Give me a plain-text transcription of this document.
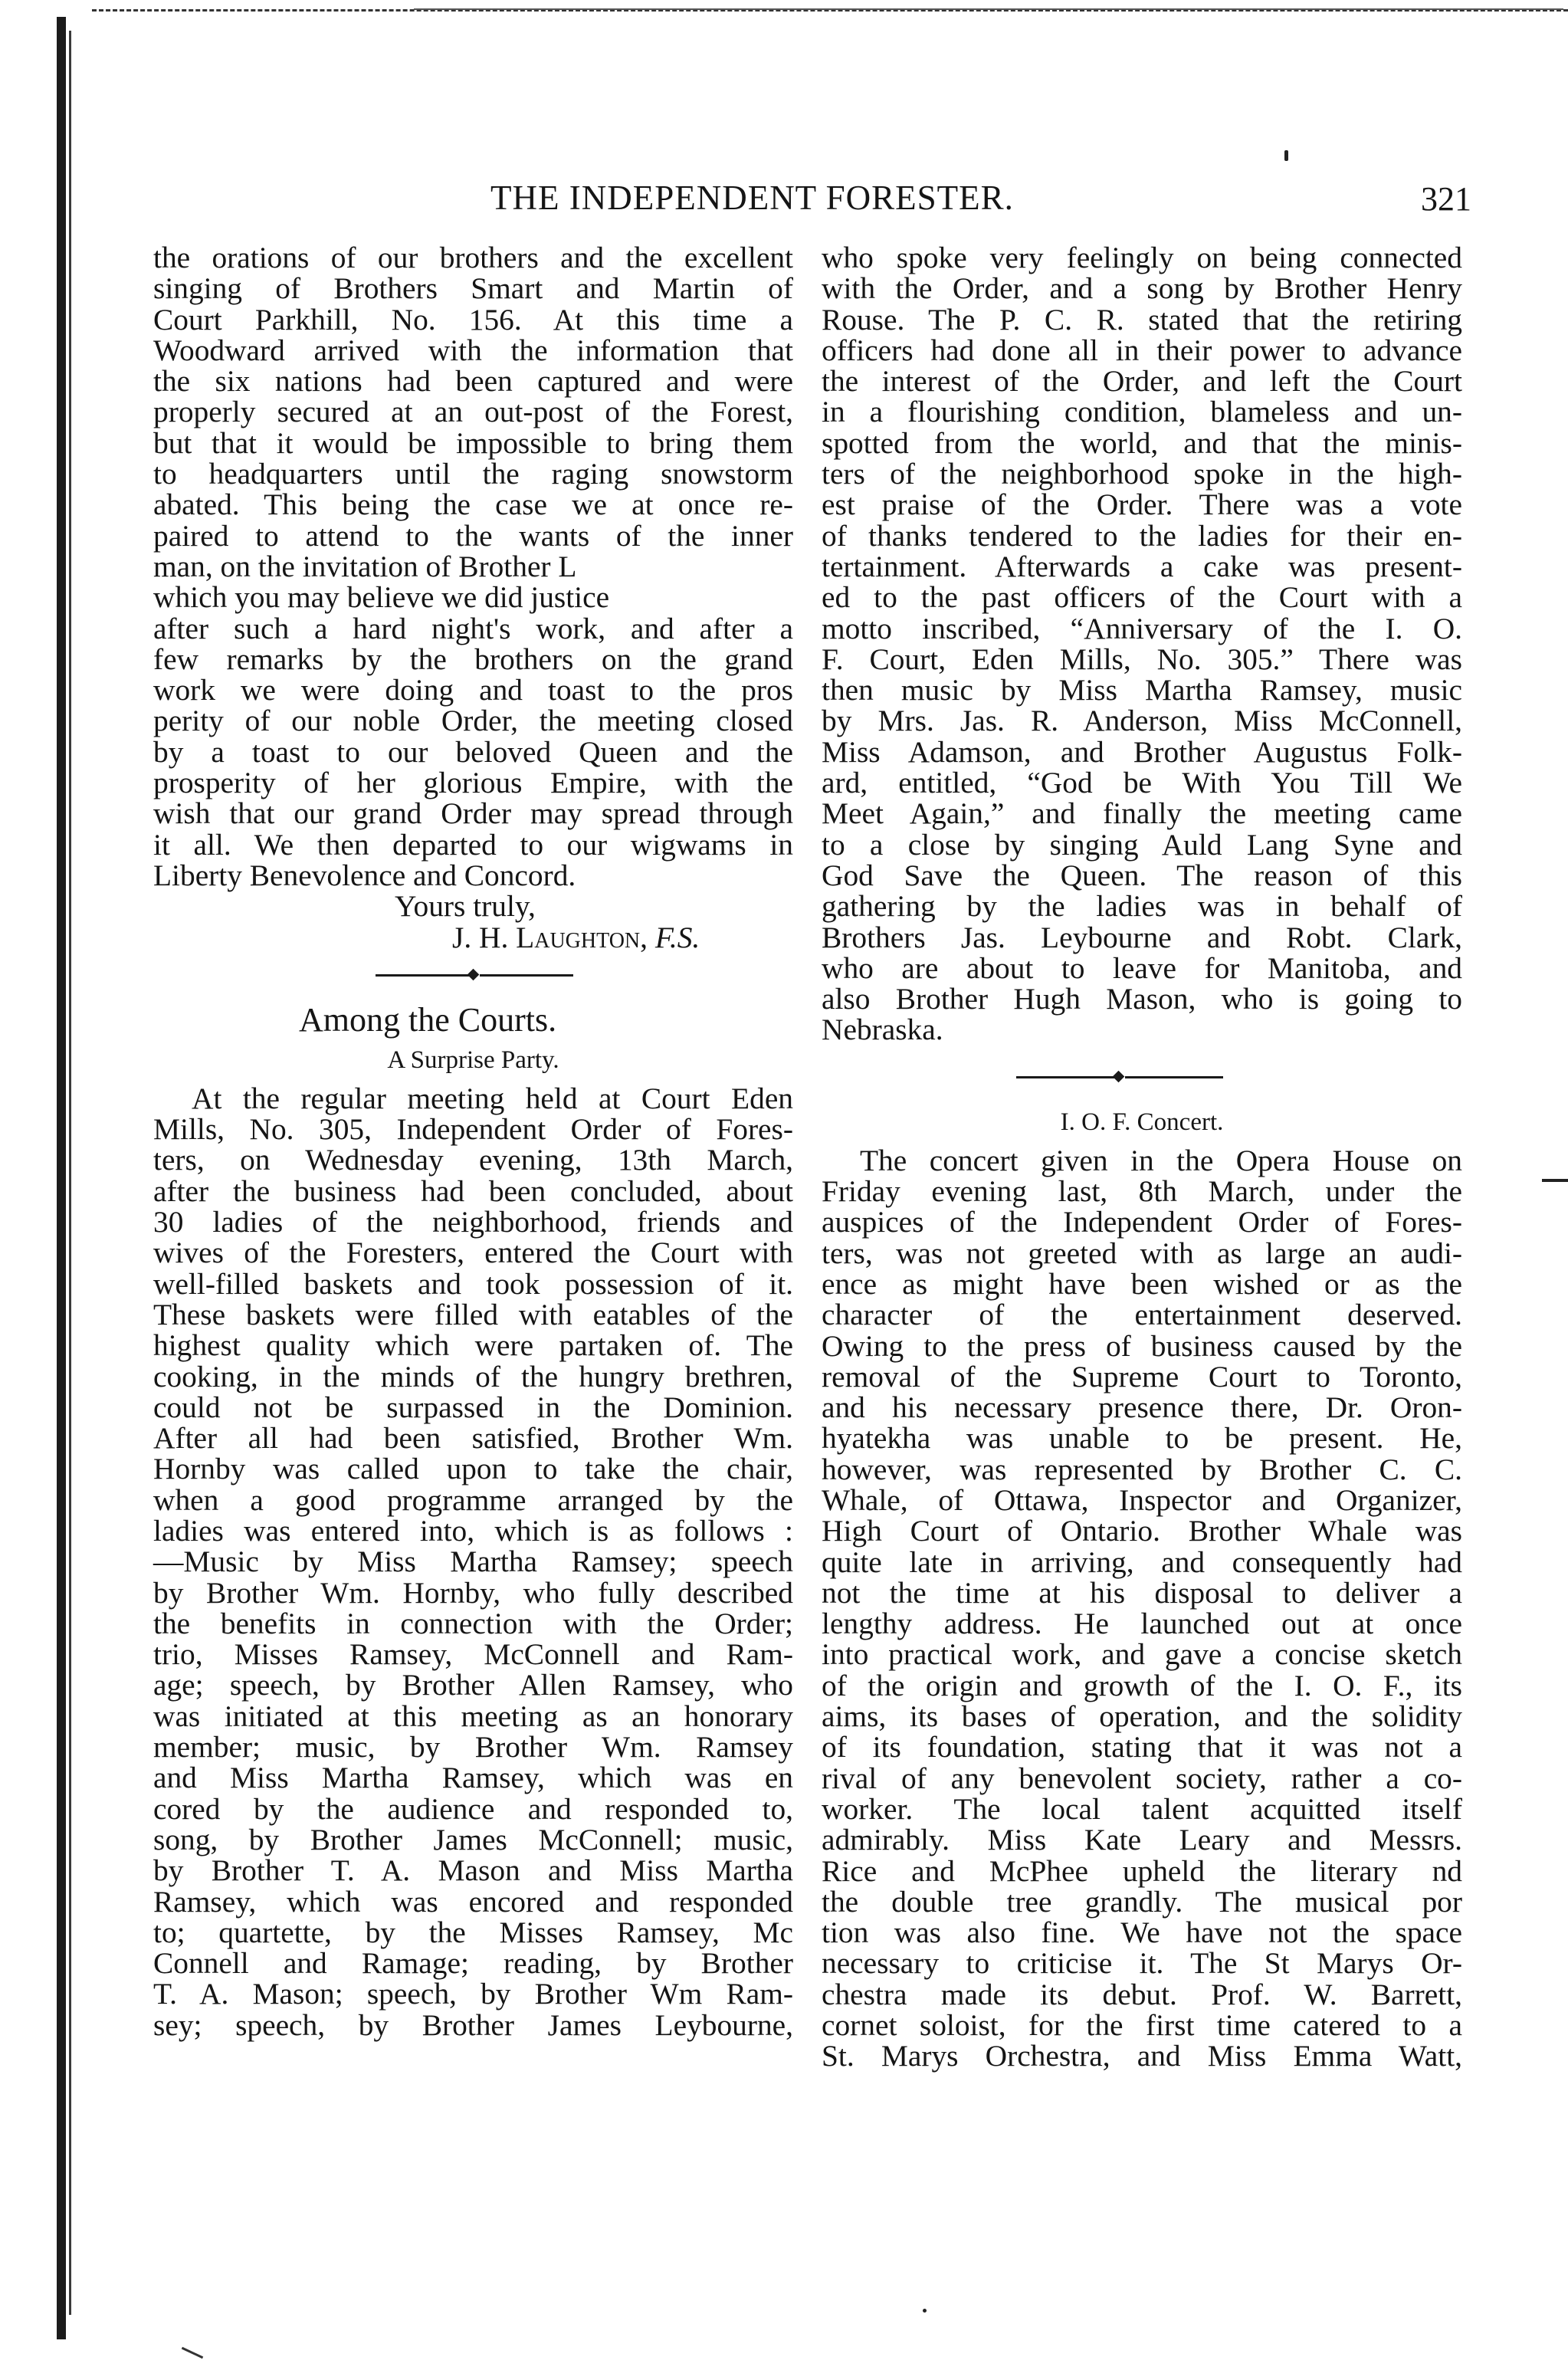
THE INDEPENDENT FORESTER.	321
the orations of our brothers and the excellent
singing of Brothers Smart and Martin of
Court Parkhill, No. 156. At this time a
Woodward arrived with the information that
the six nations had been captured and were
properly secured at an out-post of the Forest,
but that it would be impossible to bring them
to headquarters until the raging snowstorm
abated. This being the case we at once re-
paired to attend to the wants of the inner
man, on the invitation of Brother L
which you may believe we did justice
after such a hard night's work, and after a
few remarks by the brothers on the grand
work we were doing and toast to the pros
perity of our noble Order, the meeting closed
by a toast to our beloved Queen and the
prosperity of her glorious Empire, with the
wish that our grand Order may spread through
it all. We then departed to our wigwams in
Liberty Benevolence and Concord.
Yours truly,
J. H. Laughton, F.S.
Among the Courts.
A Surprise Party.
At the regular meeting held at Court Eden
Mills, No. 305, Independent Order of Fores-
ters, on Wednesday evening, 13th March,
after the business had been concluded, about
30 ladies of the neighborhood, friends and
wives of the Foresters, entered the Court with
well-filled baskets and took possession of it.
These baskets were filled with eatables of the
highest quality which were partaken of. The
cooking, in the minds of the hungry brethren,
could not be surpassed in the Dominion.
After all had been satisfied, Brother Wm.
Hornby was called upon to take the chair,
when a good programme arranged by the
ladies was entered into, which is as follows :
—Music by Miss Martha Ramsey; speech
by Brother Wm. Hornby, who fully described
the benefits in connection with the Order;
trio, Misses Ramsey, McConnell and Ram-
age; speech, by Brother Allen Ramsey, who
was initiated at this meeting as an honorary
member; music, by Brother Wm. Ramsey
and Miss Martha Ramsey, which was en
cored by the audience and responded to,
song, by Brother James McConnell; music,
by Brother T. A. Mason and Miss Martha
Ramsey, which was encored and responded
to; quartette, by the Misses Ramsey, Mc
Connell and Ramage; reading, by Brother
T. A. Mason; speech, by Brother Wm Ram-
sey; speech, by Brother James Leybourne,
who spoke very feelingly on being connected
with the Order, and a song by Brother Henry
Rouse. The P. C. R. stated that the retiring
officers had done all in their power to advance
the interest of the Order, and left the Court
in a flourishing condition, blameless and un-
spotted from the world, and that the minis-
ters of the neighborhood spoke in the high-
est praise of the Order. There was a vote
of thanks tendered to the ladies for their en-
tertainment. Afterwards a cake was present-
ed to the past officers of the Court with a
motto inscribed, “Anniversary of the I. O.
F. Court, Eden Mills, No. 305.” There was
then music by Miss Martha Ramsey, music
by Mrs. Jas. R. Anderson, Miss McConnell,
Miss Adamson, and Brother Augustus Folk-
ard, entitled, “God be With You Till We
Meet Again,” and finally the meeting came
to a close by singing Auld Lang Syne and
God Save the Queen. The reason of this
gathering by the ladies was in behalf of
Brothers Jas. Leybourne and Robt. Clark,
who are about to leave for Manitoba, and
also Brother Hugh Mason, who is going to
Nebraska.
I. O. F. Concert.
The concert given in the Opera House on
Friday evening last, 8th March, under the
auspices of the Independent Order of Fores-
ters, was not greeted with as large an audi-
ence as might have been wished or as the
character of the entertainment deserved.
Owing to the press of business caused by the
removal of the Supreme Court to Toronto,
and his necessary presence there, Dr. Oron-
hyatekha was unable to be present. He,
however, was represented by Brother C. C.
Whale, of Ottawa, Inspector and Organizer,
High Court of Ontario. Brother Whale was
quite late in arriving, and consequently had
not the time at his disposal to deliver a
lengthy address. He launched out at once
into practical work, and gave a concise sketch
of the origin and growth of the I. O. F., its
aims, its bases of operation, and the solidity
of its foundation, stating that it was not a
rival of any benevolent society, rather a co-
worker. The local talent acquitted itself
admirably. Miss Kate Leary and Messrs.
Rice and McPhee upheld the literary nd
the double tree grandly. The musical por
tion was also fine. We have not the space
necessary to criticise it. The St Marys Or-
chestra made its debut. Prof. W. Barrett,
cornet soloist, for the first time catered to a
St. Marys Orchestra, and Miss Emma Watt,
